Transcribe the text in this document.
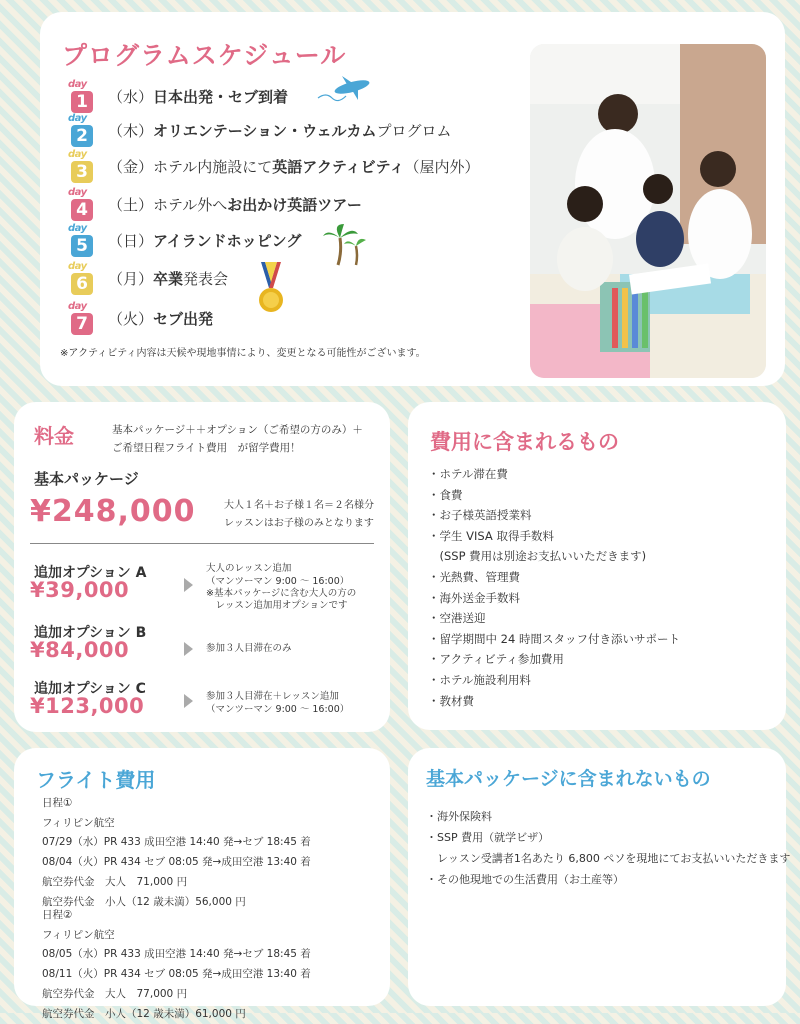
プログラムスケジュール
day
1	（水）日本出発・セブ到着
day
2	（木）オリエンテーション・ウェルカムプログロム
day
3	（金）ホテル内施設にて英語アクティビティ（屋内外）
day
4	（土）ホテル外へお出かけ英語ツアー
day
5	（日）アイランドホッピング
day
6	（月）卒業発表会
day
7	（火）セブ出発
※アクティビティ内容は天候や現地事情により、変更となる可能性がございます。
料金	基本パッケージ＋＋オプション（ご希望の方のみ）＋
ご希望日程フライト費用　が留学費用！
基本パッケージ
¥248,000	大人１名＋お子様１名＝２名様分
レッスンはお子様のみとなります
追加オプション A
¥39,000
大人のレッスン追加
（マンツーマン 9:00 ～ 16:00）
※基本パッケージに含む大人の方の
　レッスン追加用オプションです
追加オプション B
¥84,000	参加３人目滞在のみ
追加オプション C
¥123,000	参加３人目滞在＋レッスン追加
（マンツーマン 9:00 ～ 16:00）
費用に含まれるもの
・ホテル滞在費
・食費
・お子様英語授業料
・学生 VISA 取得手数料
　(SSP 費用は別途お支払いいただきます)
・光熱費、管理費
・海外送金手数料
・空港送迎
・留学期間中 24 時間スタッフ付き添いサポート
・アクティビティ参加費用
・ホテル施設利用料
・教材費
フライト費用
日程①
フィリピン航空
07/29（水）PR 433 成田空港 14:40 発→セブ 18:45 着
08/04（火）PR 434 セブ 08:05 発→成田空港 13:40 着
航空券代金　大人　71,000 円
航空券代金　小人（12 歳未満）56,000 円
日程②
フィリピン航空
08/05（水）PR 433 成田空港 14:40 発→セブ 18:45 着
08/11（火）PR 434 セブ 08:05 発→成田空港 13:40 着
航空券代金　大人　77,000 円
航空券代金　小人（12 歳未満）61,000 円
基本パッケージに含まれないもの
・海外保険料
・SSP 費用（就学ビザ）
　レッスン受講者1名あたり 6,800 ペソを現地にてお支払いいただきます
・その他現地での生活費用（お土産等）
